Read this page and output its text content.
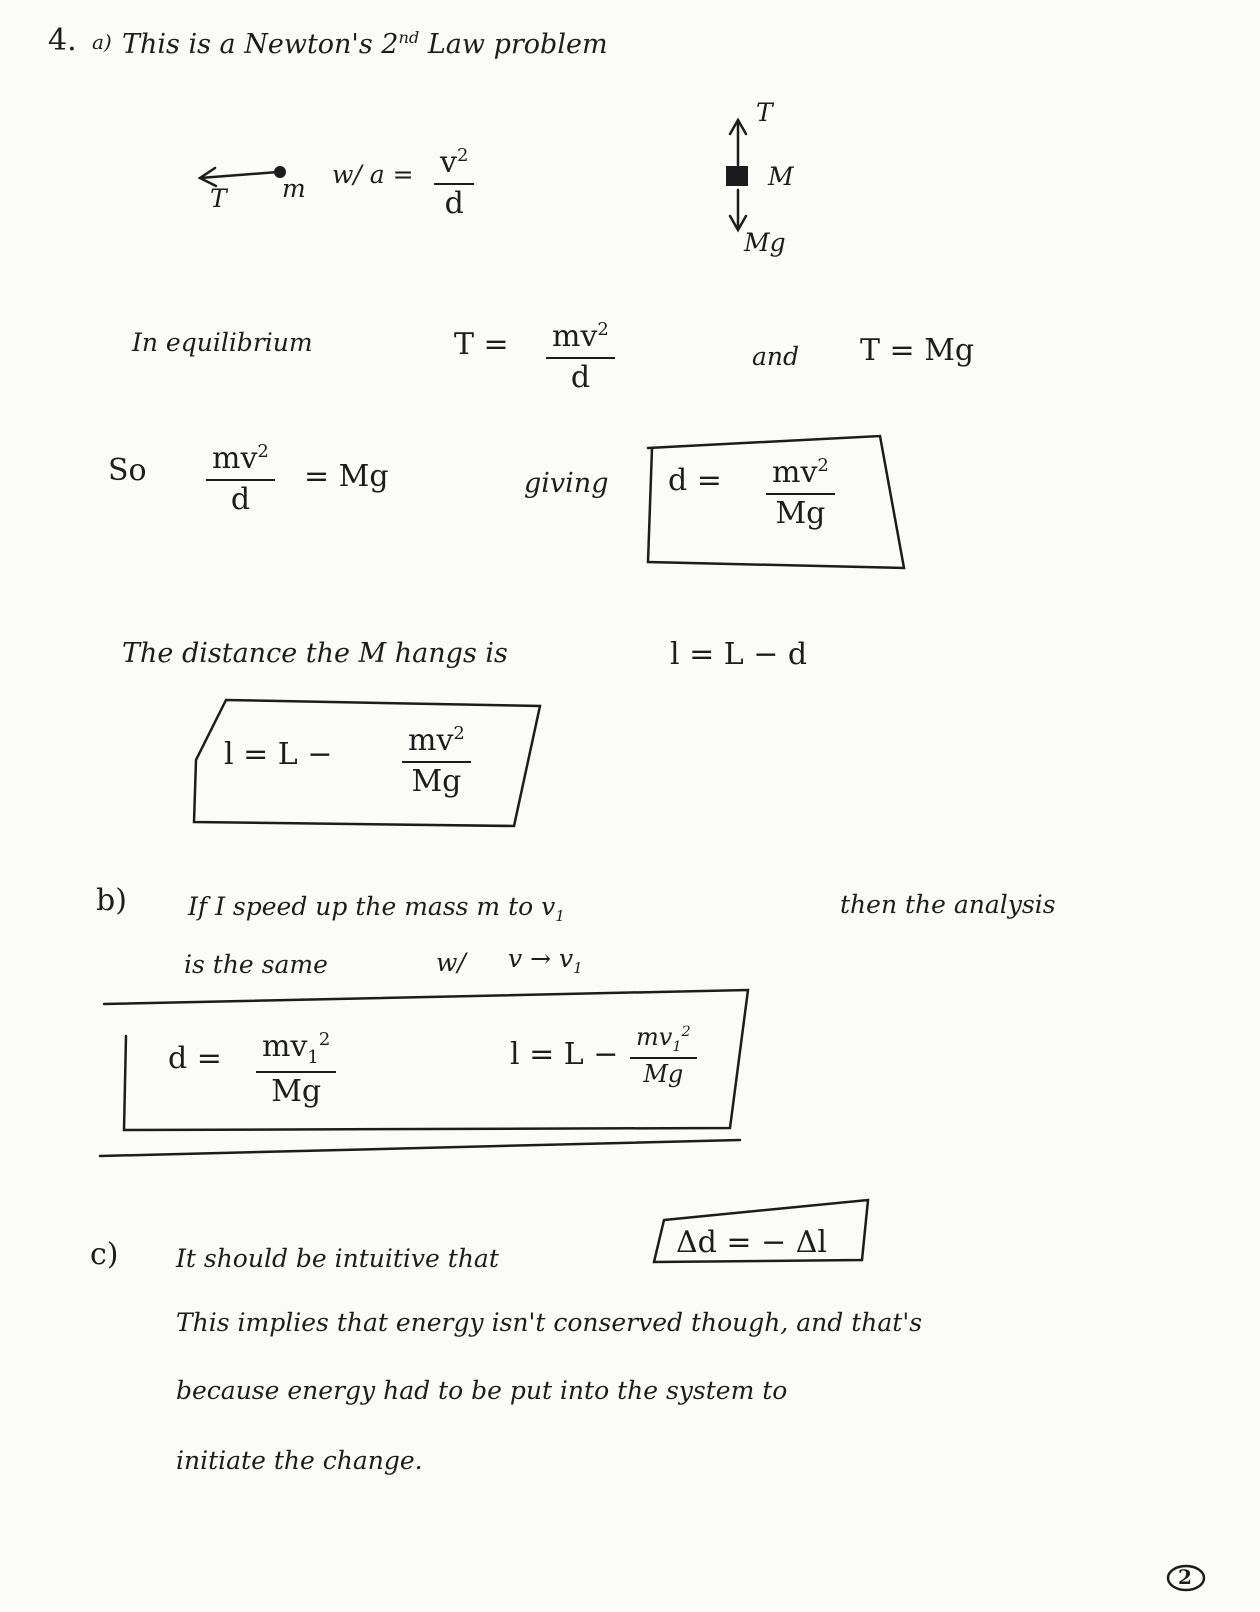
4. a) This is a Newton's 2nd Law problem
T m w/ $a = v^2$
d
T
M
Mg
In equilibrium	$T = mv^2$
d
and T = Mg
So $mv^2$
d
= Mg	giving $d = mv^2$
Mg
The distance the M hangs is	l = L − d
l = L −	$mv^2$
Mg
b) If I speed up the mass m to $v_1$	then the analysis
is the same	w/ $v \to v_1$
$d = mv_1^2$
Mg
$l = L - mv_1^2$
Mg
c) It should be intuitive that	Δd = − Δl
This implies that energy isn't conserved though, and that's
because energy had to be put into the system to
initiate the change.
2
